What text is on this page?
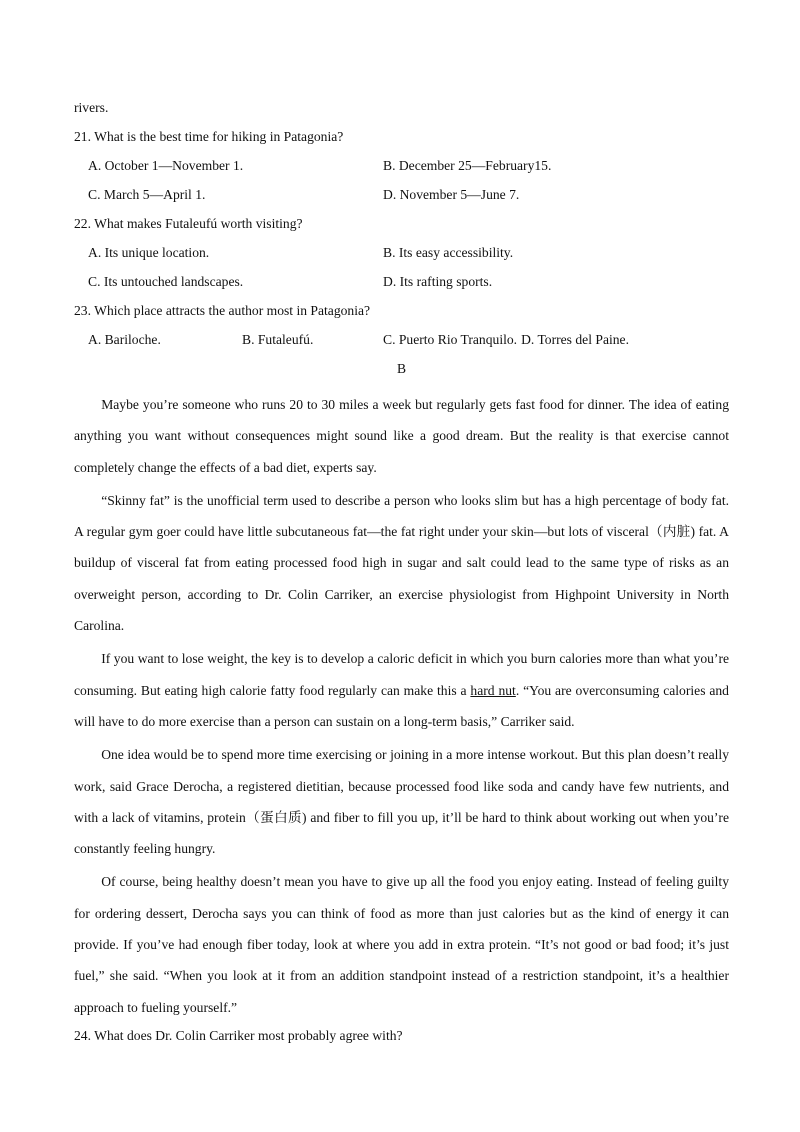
rivers.
21. What is the best time for hiking in Patagonia?
A. October 1—November 1.	B. December 25—February15.
C. March 5—April 1.	D. November 5—June 7.
22. What makes Futaleufú worth visiting?
A. Its unique location.	B. Its easy accessibility.
C. Its untouched landscapes.	D. Its rafting sports.
23. Which place attracts the author most in Patagonia?
A. Bariloche.	B. Futaleufú.	C. Puerto Rio Tranquilo. D. Torres del Paine.
B

Maybe you’re someone who runs 20 to 30 miles a week but regularly gets fast food for dinner. The idea of eating anything you want without consequences might sound like a good dream. But the reality is that exercise cannot completely change the effects of a bad diet, experts say.

“Skinny fat” is the unofficial term used to describe a person who looks slim but has a high percentage of body fat. A regular gym goer could have little subcutaneous fat—the fat right under your skin—but lots of visceral（内脏) fat. A buildup of visceral fat from eating processed food high in sugar and salt could lead to the same type of risks as an overweight person, according to Dr. Colin Carriker, an exercise physiologist from Highpoint University in North Carolina.

If you want to lose weight, the key is to develop a caloric deficit in which you burn calories more than what you’re consuming. But eating high calorie fatty food regularly can make this a hard nut. “You are overconsuming calories and will have to do more exercise than a person can sustain on a long-term basis,” Carriker said.

One idea would be to spend more time exercising or joining in a more intense workout. But this plan doesn’t really work, said Grace Derocha, a registered dietitian, because processed food like soda and candy have few nutrients, and with a lack of vitamins, protein（蛋白质) and fiber to fill you up, it’ll be hard to think about working out when you’re constantly feeling hungry.

Of course, being healthy doesn’t mean you have to give up all the food you enjoy eating. Instead of feeling guilty for ordering dessert, Derocha says you can think of food as more than just calories but as the kind of energy it can provide. If you’ve had enough fiber today, look at where you add in extra protein. “It’s not good or bad food; it’s just fuel,” she said. “When you look at it from an addition standpoint instead of a restriction standpoint, it’s a healthier approach to fueling yourself.”

24. What does Dr. Colin Carriker most probably agree with?
